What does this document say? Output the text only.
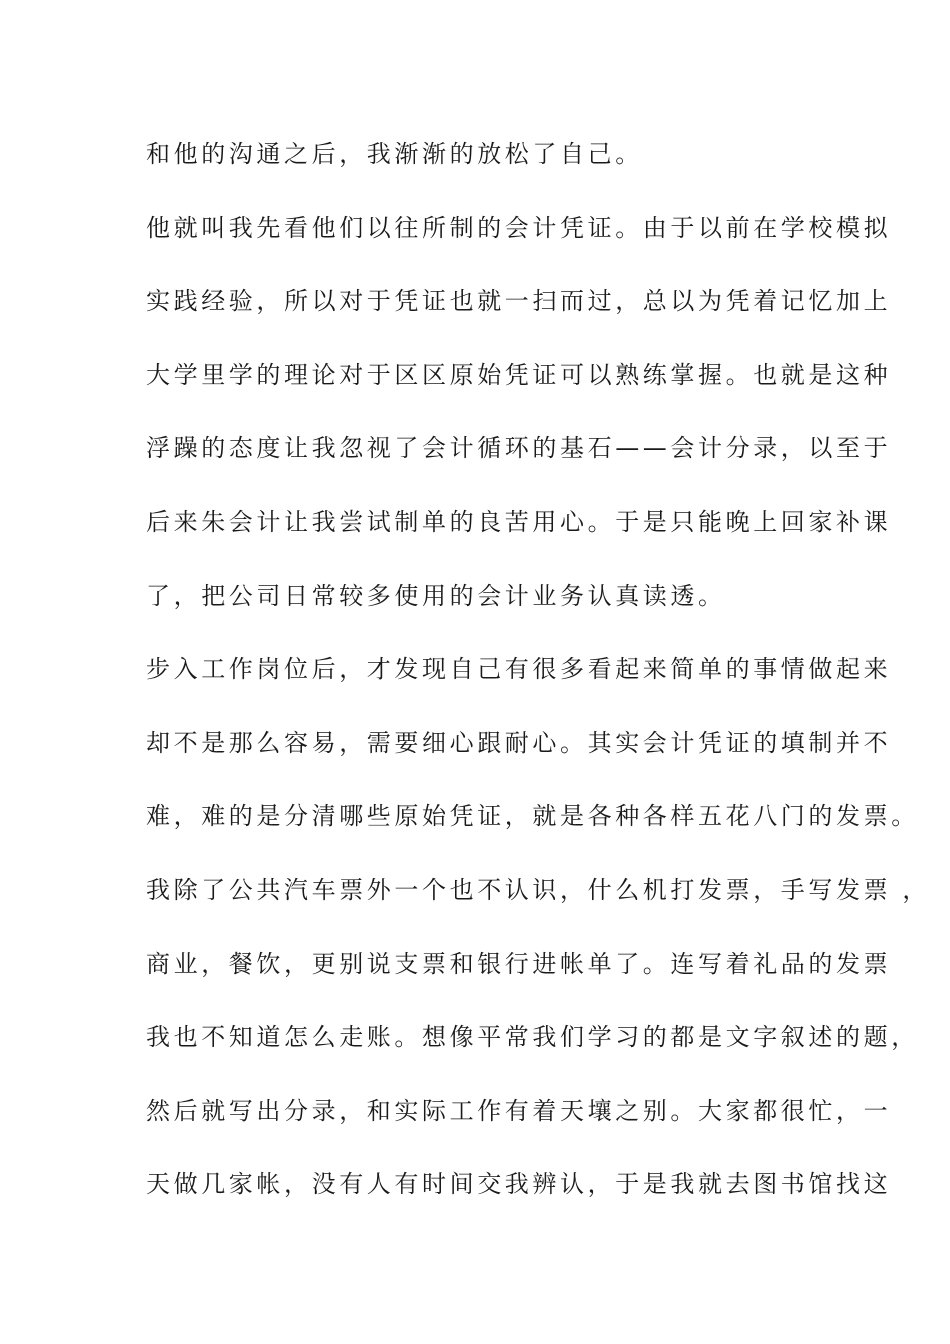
和他的沟通之后，我渐渐的放松了自己。
他就叫我先看他们以往所制的会计凭证。由于以前在学校模拟
实践经验，所以对于凭证也就一扫而过，总以为凭着记忆加上
大学里学的理论对于区区原始凭证可以熟练掌握。也就是这种
浮躁的态度让我忽视了会计循环的基石——会计分录，以至于
后来朱会计让我尝试制单的良苦用心。于是只能晚上回家补课
了，把公司日常较多使用的会计业务认真读透。
步入工作岗位后，才发现自己有很多看起来简单的事情做起来
却不是那么容易，需要细心跟耐心。其实会计凭证的填制并不
难，难的是分清哪些原始凭证，就是各种各样五花八门的发票。
我除了公共汽车票外一个也不认识，什么机打发票，手写发票 ，
商业，餐饮，更别说支票和银行进帐单了。连写着礼品的发票
我也不知道怎么走账。想像平常我们学习的都是文字叙述的题，
然后就写出分录，和实际工作有着天壤之别。大家都很忙，一
天做几家帐，没有人有时间交我辨认，于是我就去图书馆找这
